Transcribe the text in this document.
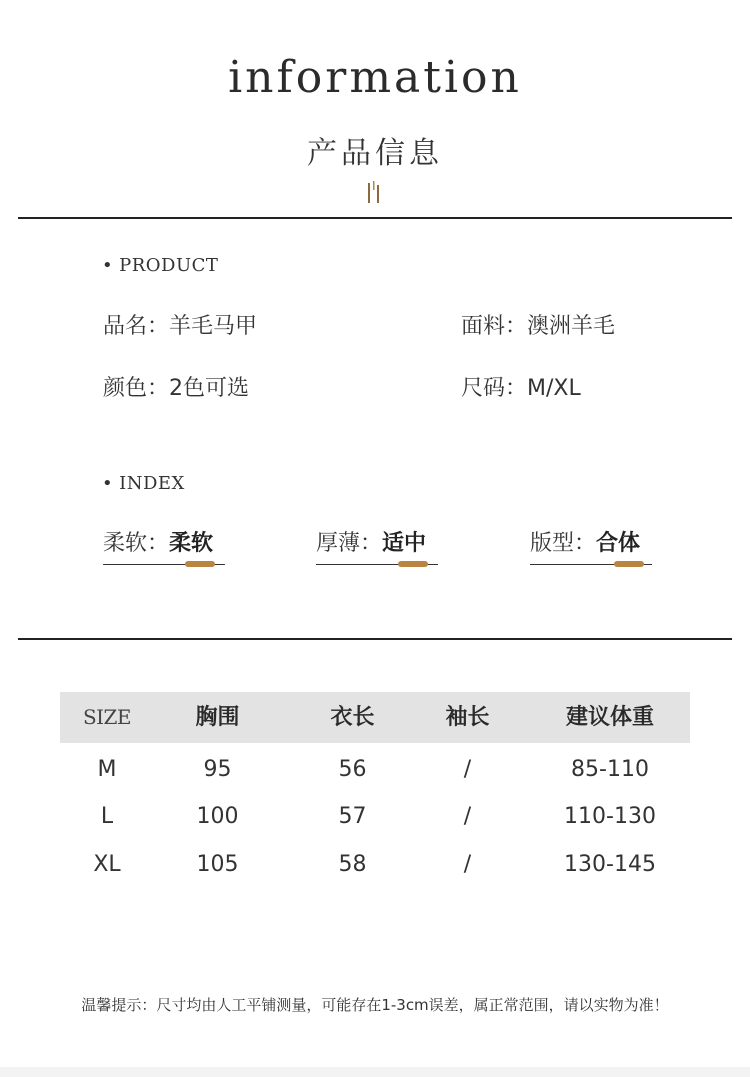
information
产品信息
• PRODUCT
品名：羊毛马甲	面料：澳洲羊毛
颜色：2色可选	尺码：M/XL
• INDEX
柔软：柔软	厚薄：适中	版型：合体
SIZE	胸围	衣长	袖长	建议体重
M	95	56	/	85-110
L	100	57	/	110-130
XL	105	58	/	130-145
温馨提示：尺寸均由人工平铺测量，可能存在1-3cm误差，属正常范围，请以实物为准！
